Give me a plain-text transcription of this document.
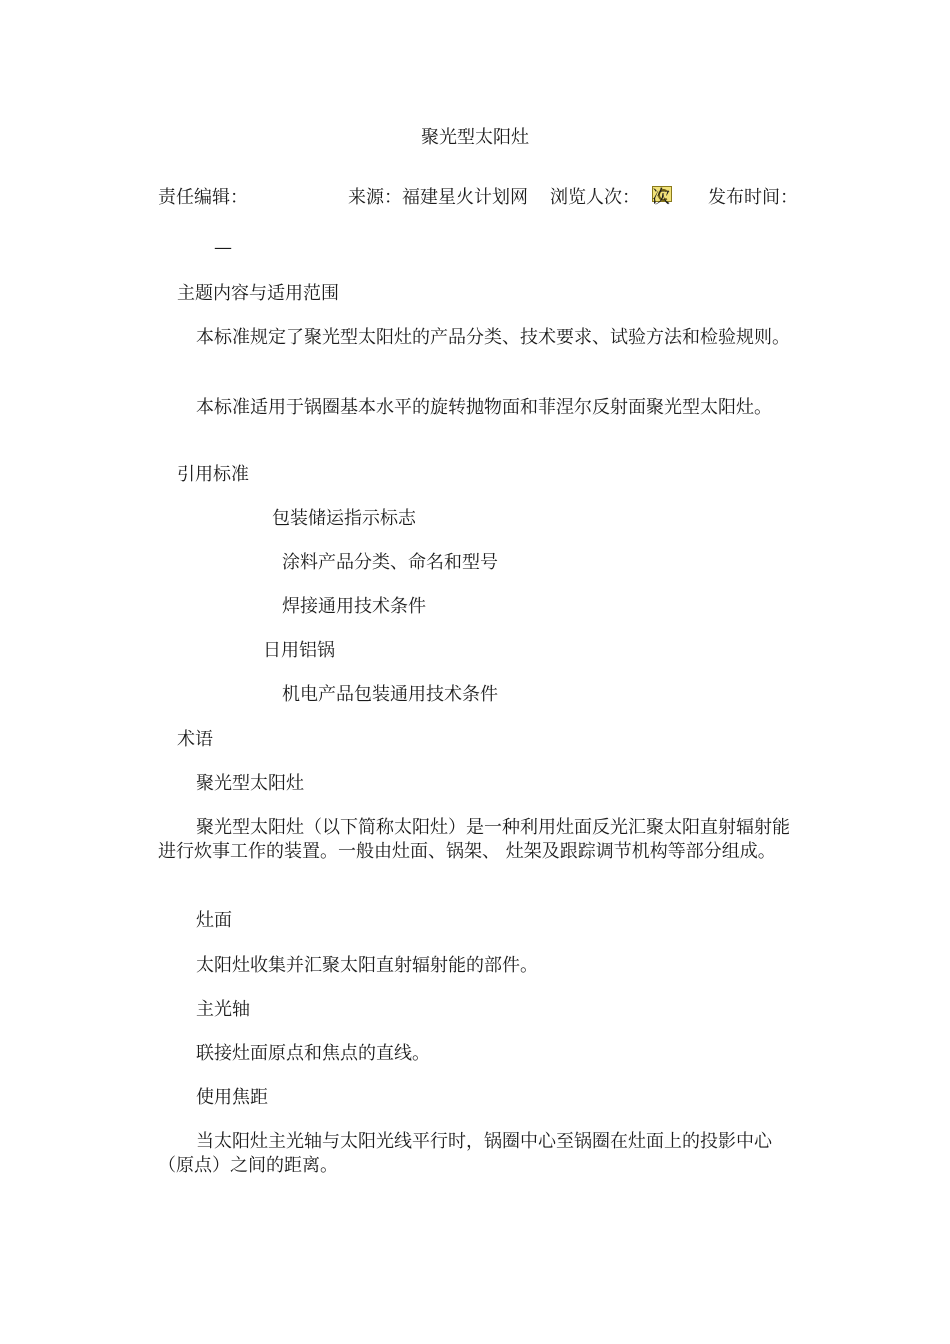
聚光型太阳灶
责任编辑：	来源：福建星火计划网 浏览人次： 次 发布时间：
—
主题内容与适用范围
本标准规定了聚光型太阳灶的产品分类、技术要求、试验方法和检验规则。
本标准适用于锅圈基本水平的旋转抛物面和菲涅尔反射面聚光型太阳灶。
引用标准
包装储运指示标志
涂料产品分类、命名和型号
焊接通用技术条件
日用铝锅
机电产品包装通用技术条件
术语
聚光型太阳灶
聚光型太阳灶（以下简称太阳灶）是一种利用灶面反光汇聚太阳直射辐射能进行炊事工作的装置。一般由灶面、锅架、 灶架及跟踪调节机构等部分组成。
灶面
太阳灶收集并汇聚太阳直射辐射能的部件。
主光轴
联接灶面原点和焦点的直线。
使用焦距
当太阳灶主光轴与太阳光线平行时，锅圈中心至锅圈在灶面上的投影中心（原点）之间的距离。
